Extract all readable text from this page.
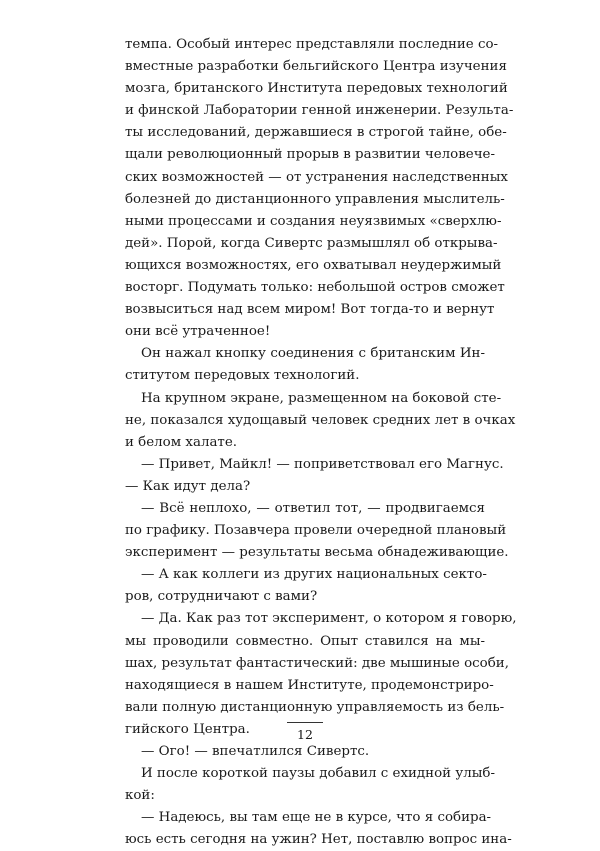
темпа. Особый интерес представляли последние со-
вместные разработки бельгийского Центра изучения
мозга, британского Института передовых технологий
и финской Лаборатории генной инженерии. Результа-
ты исследований, державшиеся в строгой тайне, обе-
щали революционный прорыв в развитии человече-
ских возможностей — от устранения наследственных
болезней до дистанционного управления мыслитель-
ными процессами и создания неуязвимых «сверхлю-
дей». Порой, когда Сивертс размышлял об открыва-
ющихся возможностях, его охватывал неудержимый
восторг. Подумать только: небольшой остров сможет
возвыситься над всем миром! Вот тогда-то и вернут
они всё утраченное!
Он нажал кнопку соединения с британским Ин-
ститутом передовых технологий.
На крупном экране, размещенном на боковой сте-
не, показался худощавый человек средних лет в очках
и белом халате.
— Привет, Майкл! — поприветствовал его Магнус.
— Как идут дела?
— Всё неплохо, — ответил тот, — продвигаемся
по графику. Позавчера провели очередной плановый
эксперимент — результаты весьма обнадеживающие.
— А как коллеги из других национальных секто-
ров, сотрудничают с вами?
— Да. Как раз тот эксперимент, о котором я говорю,
мы проводили совместно. Опыт ставился на мы-
шах, результат фантастический: две мышиные особи,
находящиеся в нашем Институте, продемонстриро-
вали полную дистанционную управляемость из бель-
гийского Центра.
— Ого! — впечатлился Сивертс.
И после короткой паузы добавил с ехидной улыб-
кой:
— Надеюсь, вы там еще не в курсе, что я собира-
юсь есть сегодня на ужин? Нет, поставлю вопрос ина-
12
